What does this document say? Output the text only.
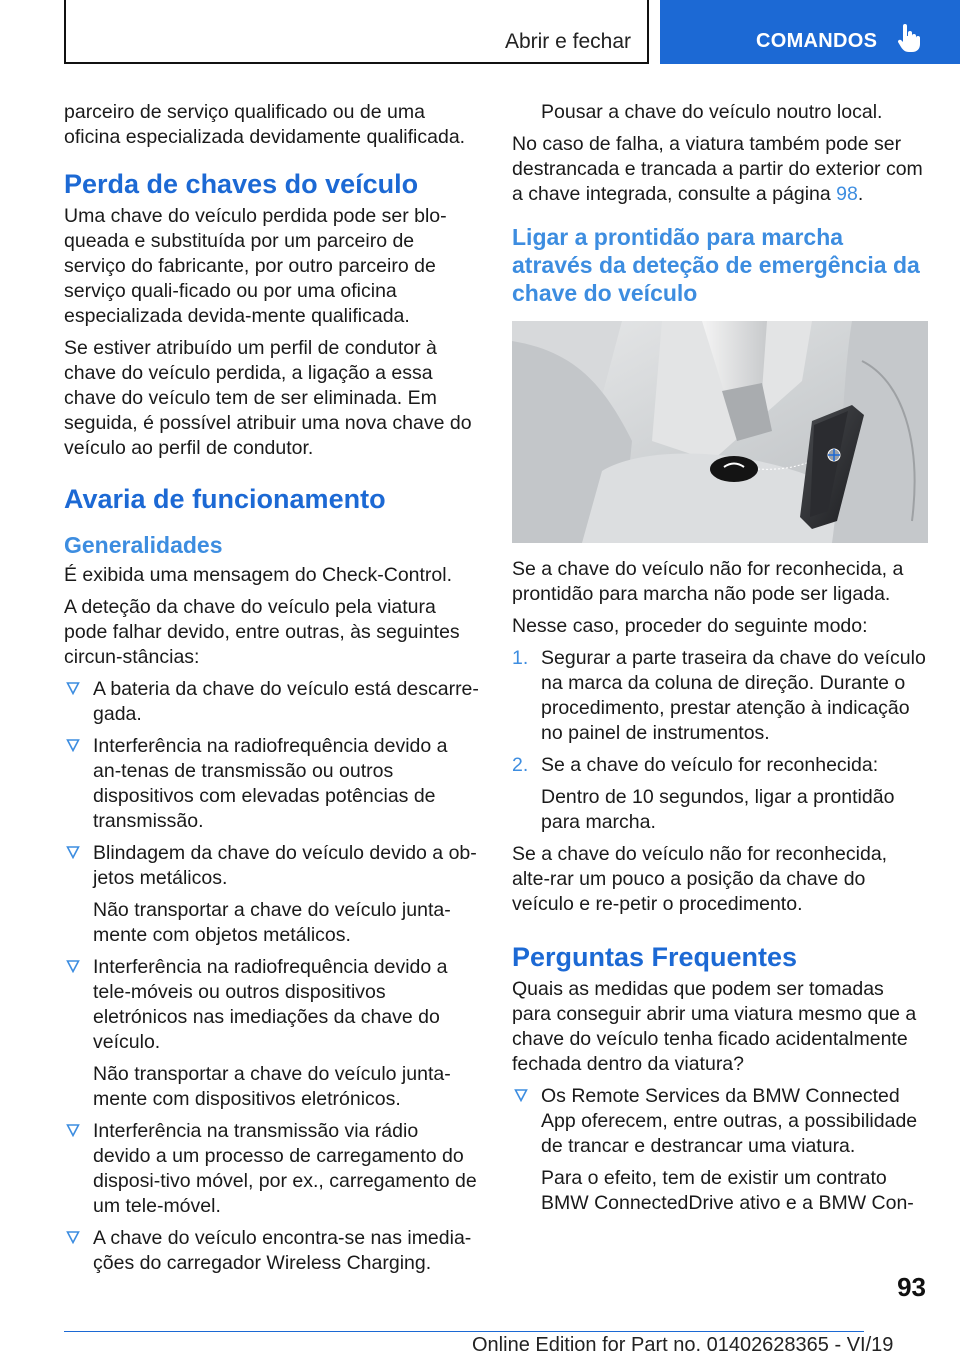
Abrir e fechar	COMANDOS

parceiro de serviço qualificado ou de uma oficina especializada devidamente qualificada.

Perda de chaves do veículo

Uma chave do veículo perdida pode ser blo-queada e substituída por um parceiro de serviço do fabricante, por outro parceiro de serviço quali-ficado ou por uma oficina especializada devida-mente qualificada.

Se estiver atribuído um perfil de condutor à chave do veículo perdida, a ligação a essa chave do veículo tem de ser eliminada. Em seguida, é possível atribuir uma nova chave do veículo ao perfil de condutor.

Avaria de funcionamento
Generalidades

É exibida uma mensagem do Check-Control.

A deteção da chave do veículo pela viatura pode falhar devido, entre outras, às seguintes circun-stâncias:

A bateria da chave do veículo está descarre-gada.

Interferência na radiofrequência devido a an-tenas de transmissão ou outros dispositivos com elevadas potências de transmissão.

Blindagem da chave do veículo devido a ob-jetos metálicos.

Não transportar a chave do veículo junta-mente com objetos metálicos.

Interferência na radiofrequência devido a tele-móveis ou outros dispositivos eletrónicos nas imediações da chave do veículo.

Não transportar a chave do veículo junta-mente com dispositivos eletrónicos.

Interferência na transmissão via rádio devido a um processo de carregamento do disposi-tivo móvel, por ex., carregamento de um tele-móvel.

A chave do veículo encontra-se nas imedia-ções do carregador Wireless Charging.

Pousar a chave do veículo noutro local.

No caso de falha, a viatura também pode ser destrancada e trancada a partir do exterior com a chave integrada, consulte a página 98.

Ligar a prontidão para marcha através da deteção de emergência da chave do veículo

Se a chave do veículo não for reconhecida, a prontidão para marcha não pode ser ligada.

Nesse caso, proceder do seguinte modo:

1. Segurar a parte traseira da chave do veículo na marca da coluna de direção. Durante o procedimento, prestar atenção à indicação no painel de instrumentos.

2. Se a chave do veículo for reconhecida:

Dentro de 10 segundos, ligar a prontidão para marcha.

Se a chave do veículo não for reconhecida, alte-rar um pouco a posição da chave do veículo e re-petir o procedimento.

Perguntas Frequentes

Quais as medidas que podem ser tomadas para conseguir abrir uma viatura mesmo que a chave do veículo tenha ficado acidentalmente fechada dentro da viatura?

Os Remote Services da BMW Connected App oferecem, entre outras, a possibilidade de trancar e destrancar uma viatura.

Para o efeito, tem de existir um contrato BMW ConnectedDrive ativo e a BMW Con-

93
Online Edition for Part no. 01402628365 - VI/19
